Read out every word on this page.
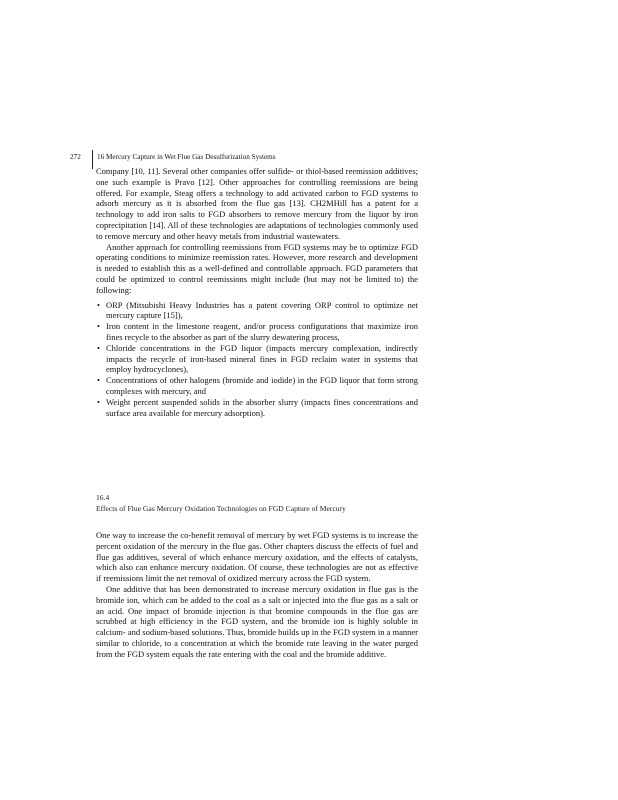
272 16 Mercury Capture in Wet Flue Gas Desulfurization Systems

Company [10, 11]. Several other companies offer sulfide- or thiol-based reemission additives; one such example is Pravo [12]. Other approaches for controlling reemissions are being offered. For example, Steag offers a technology to add activated carbon to FGD systems to adsorb mercury as it is absorbed from the flue gas [13]. CH2MHill has a patent for a technology to add iron salts to FGD absorbers to remove mercury from the liquor by iron coprecipitation [14]. All of these technologies are adaptations of technologies commonly used to remove mercury and other heavy metals from industrial wastewaters.

Another approach for controlling reemissions from FGD systems may be to optimize FGD operating conditions to minimize reemission rates. However, more research and development is needed to establish this as a well-defined and controllable approach. FGD parameters that could be optimized to control reemissions might include (but may not be limited to) the following:

• ORP (Mitsubishi Heavy Industries has a patent covering ORP control to optimize net mercury capture [15]),
• Iron content in the limestone reagent, and/or process configurations that maximize iron fines recycle to the absorber as part of the slurry dewatering process,
• Chloride concentrations in the FGD liquor (impacts mercury complexation, indirectly impacts the recycle of iron-based mineral fines in FGD reclaim water in systems that employ hydrocyclones),
• Concentrations of other halogens (bromide and iodide) in the FGD liquor that form strong complexes with mercury, and
• Weight percent suspended solids in the absorber slurry (impacts fines concentrations and surface area available for mercury adsorption).
16.4
Effects of Flue Gas Mercury Oxidation Technologies on FGD Capture of Mercury

One way to increase the co-benefit removal of mercury by wet FGD systems is to increase the percent oxidation of the mercury in the flue gas. Other chapters discuss the effects of fuel and flue gas additives, several of which enhance mercury oxidation, and the effects of catalysts, which also can enhance mercury oxidation. Of course, these technologies are not as effective if reemissions limit the net removal of oxidized mercury across the FGD system.

One additive that has been demonstrated to increase mercury oxidation in flue gas is the bromide ion, which can be added to the coal as a salt or injected into the flue gas as a salt or an acid. One impact of bromide injection is that bromine compounds in the flue gas are scrubbed at high efficiency in the FGD system, and the bromide ion is highly soluble in calcium- and sodium-based solutions. Thus, bromide builds up in the FGD system in a manner similar to chloride, to a concentration at which the bromide rate leaving in the water purged from the FGD system equals the rate entering with the coal and the bromide additive.
